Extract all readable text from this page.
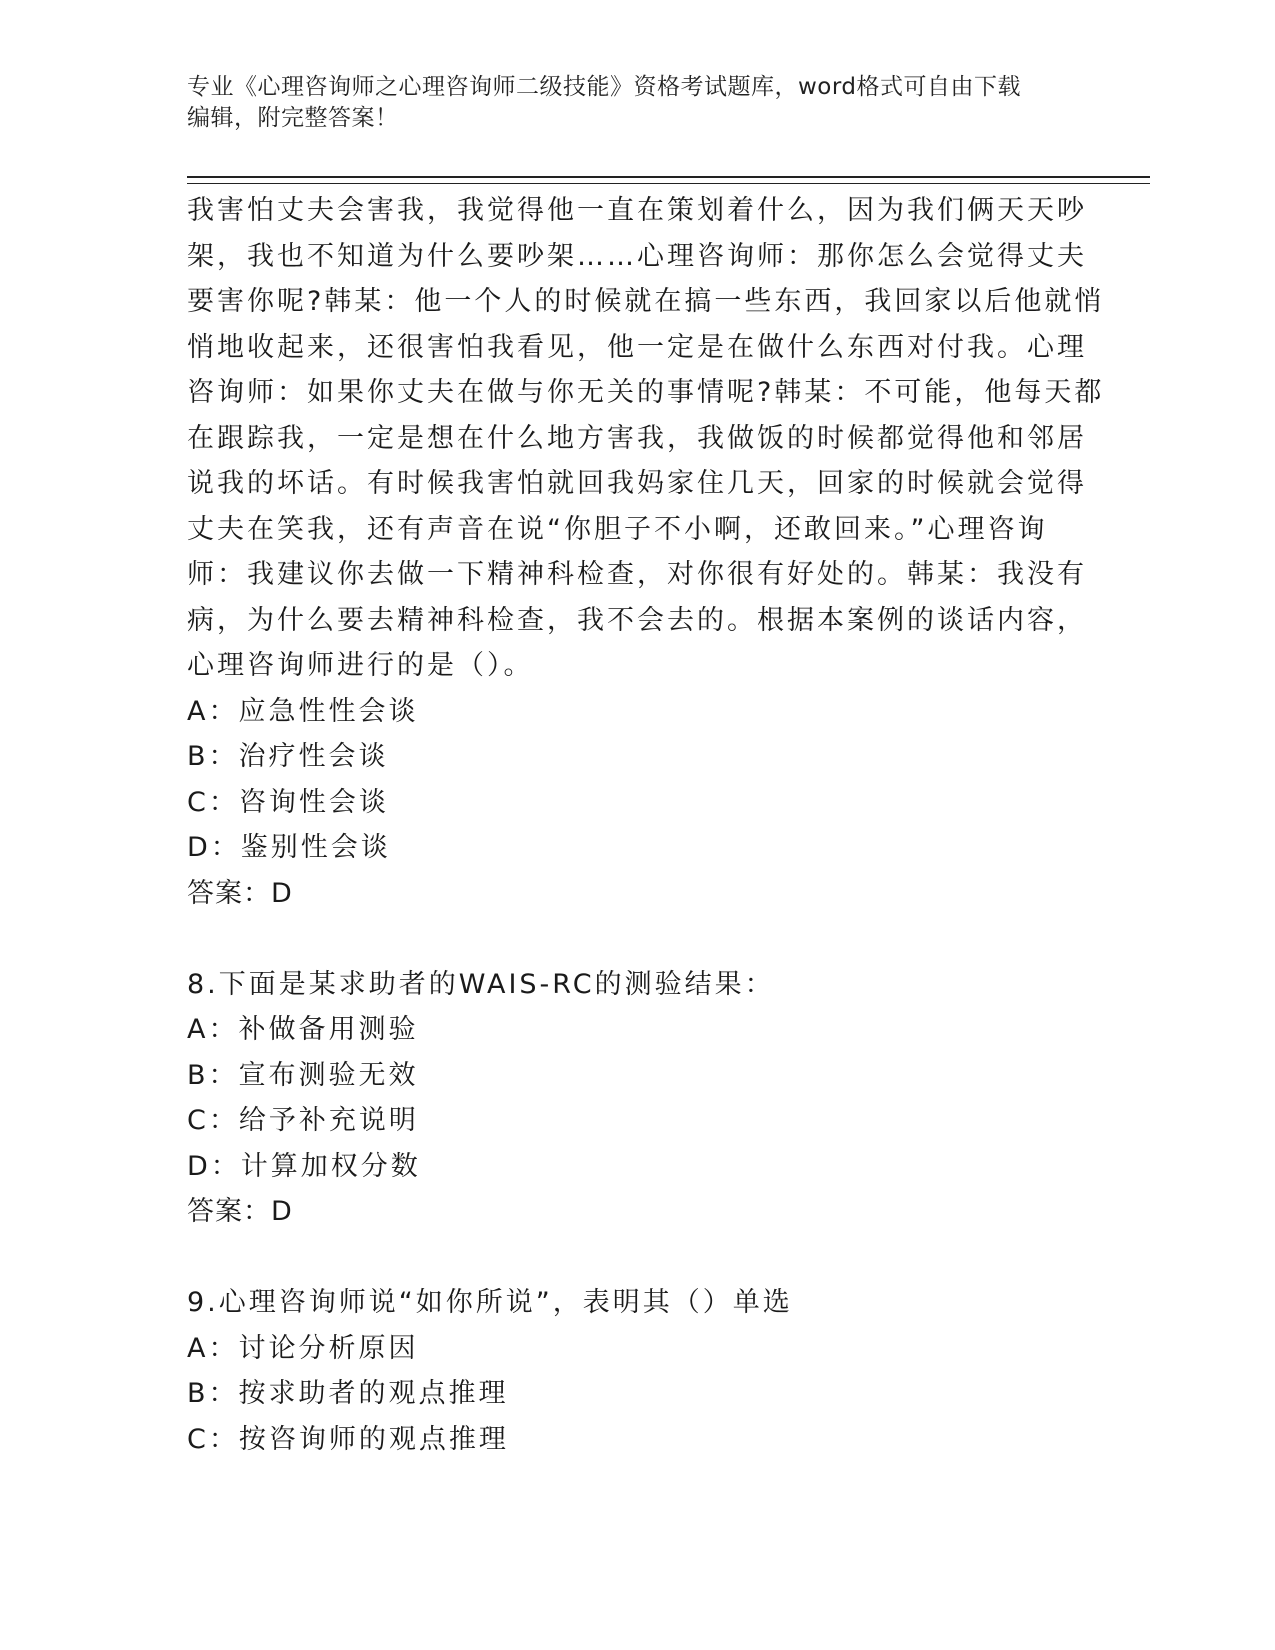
专业《心理咨询师之心理咨询师二级技能》资格考试题库，word格式可自由下载
编辑，附完整答案！
我害怕丈夫会害我，我觉得他一直在策划着什么，因为我们俩天天吵
架，我也不知道为什么要吵架……心理咨询师：那你怎么会觉得丈夫
要害你呢?韩某：他一个人的时候就在搞一些东西，我回家以后他就悄
悄地收起来，还很害怕我看见，他一定是在做什么东西对付我。心理
咨询师：如果你丈夫在做与你无关的事情呢?韩某：不可能，他每天都
在跟踪我，一定是想在什么地方害我，我做饭的时候都觉得他和邻居
说我的坏话。有时候我害怕就回我妈家住几天，回家的时候就会觉得
丈夫在笑我，还有声音在说“你胆子不小啊，还敢回来。”心理咨询
师：我建议你去做一下精神科检查，对你很有好处的。韩某：我没有
病，为什么要去精神科检查，我不会去的。根据本案例的谈话内容，
心理咨询师进行的是（）。
A：应急性性会谈
B：治疗性会谈
C：咨询性会谈
D：鉴别性会谈
答案：D
8.下面是某求助者的WAIS-RC的测验结果：
A：补做备用测验
B：宣布测验无效
C：给予补充说明
D：计算加权分数
答案：D
9.心理咨询师说“如你所说”，表明其（）单选
A：讨论分析原因
B：按求助者的观点推理
C：按咨询师的观点推理
